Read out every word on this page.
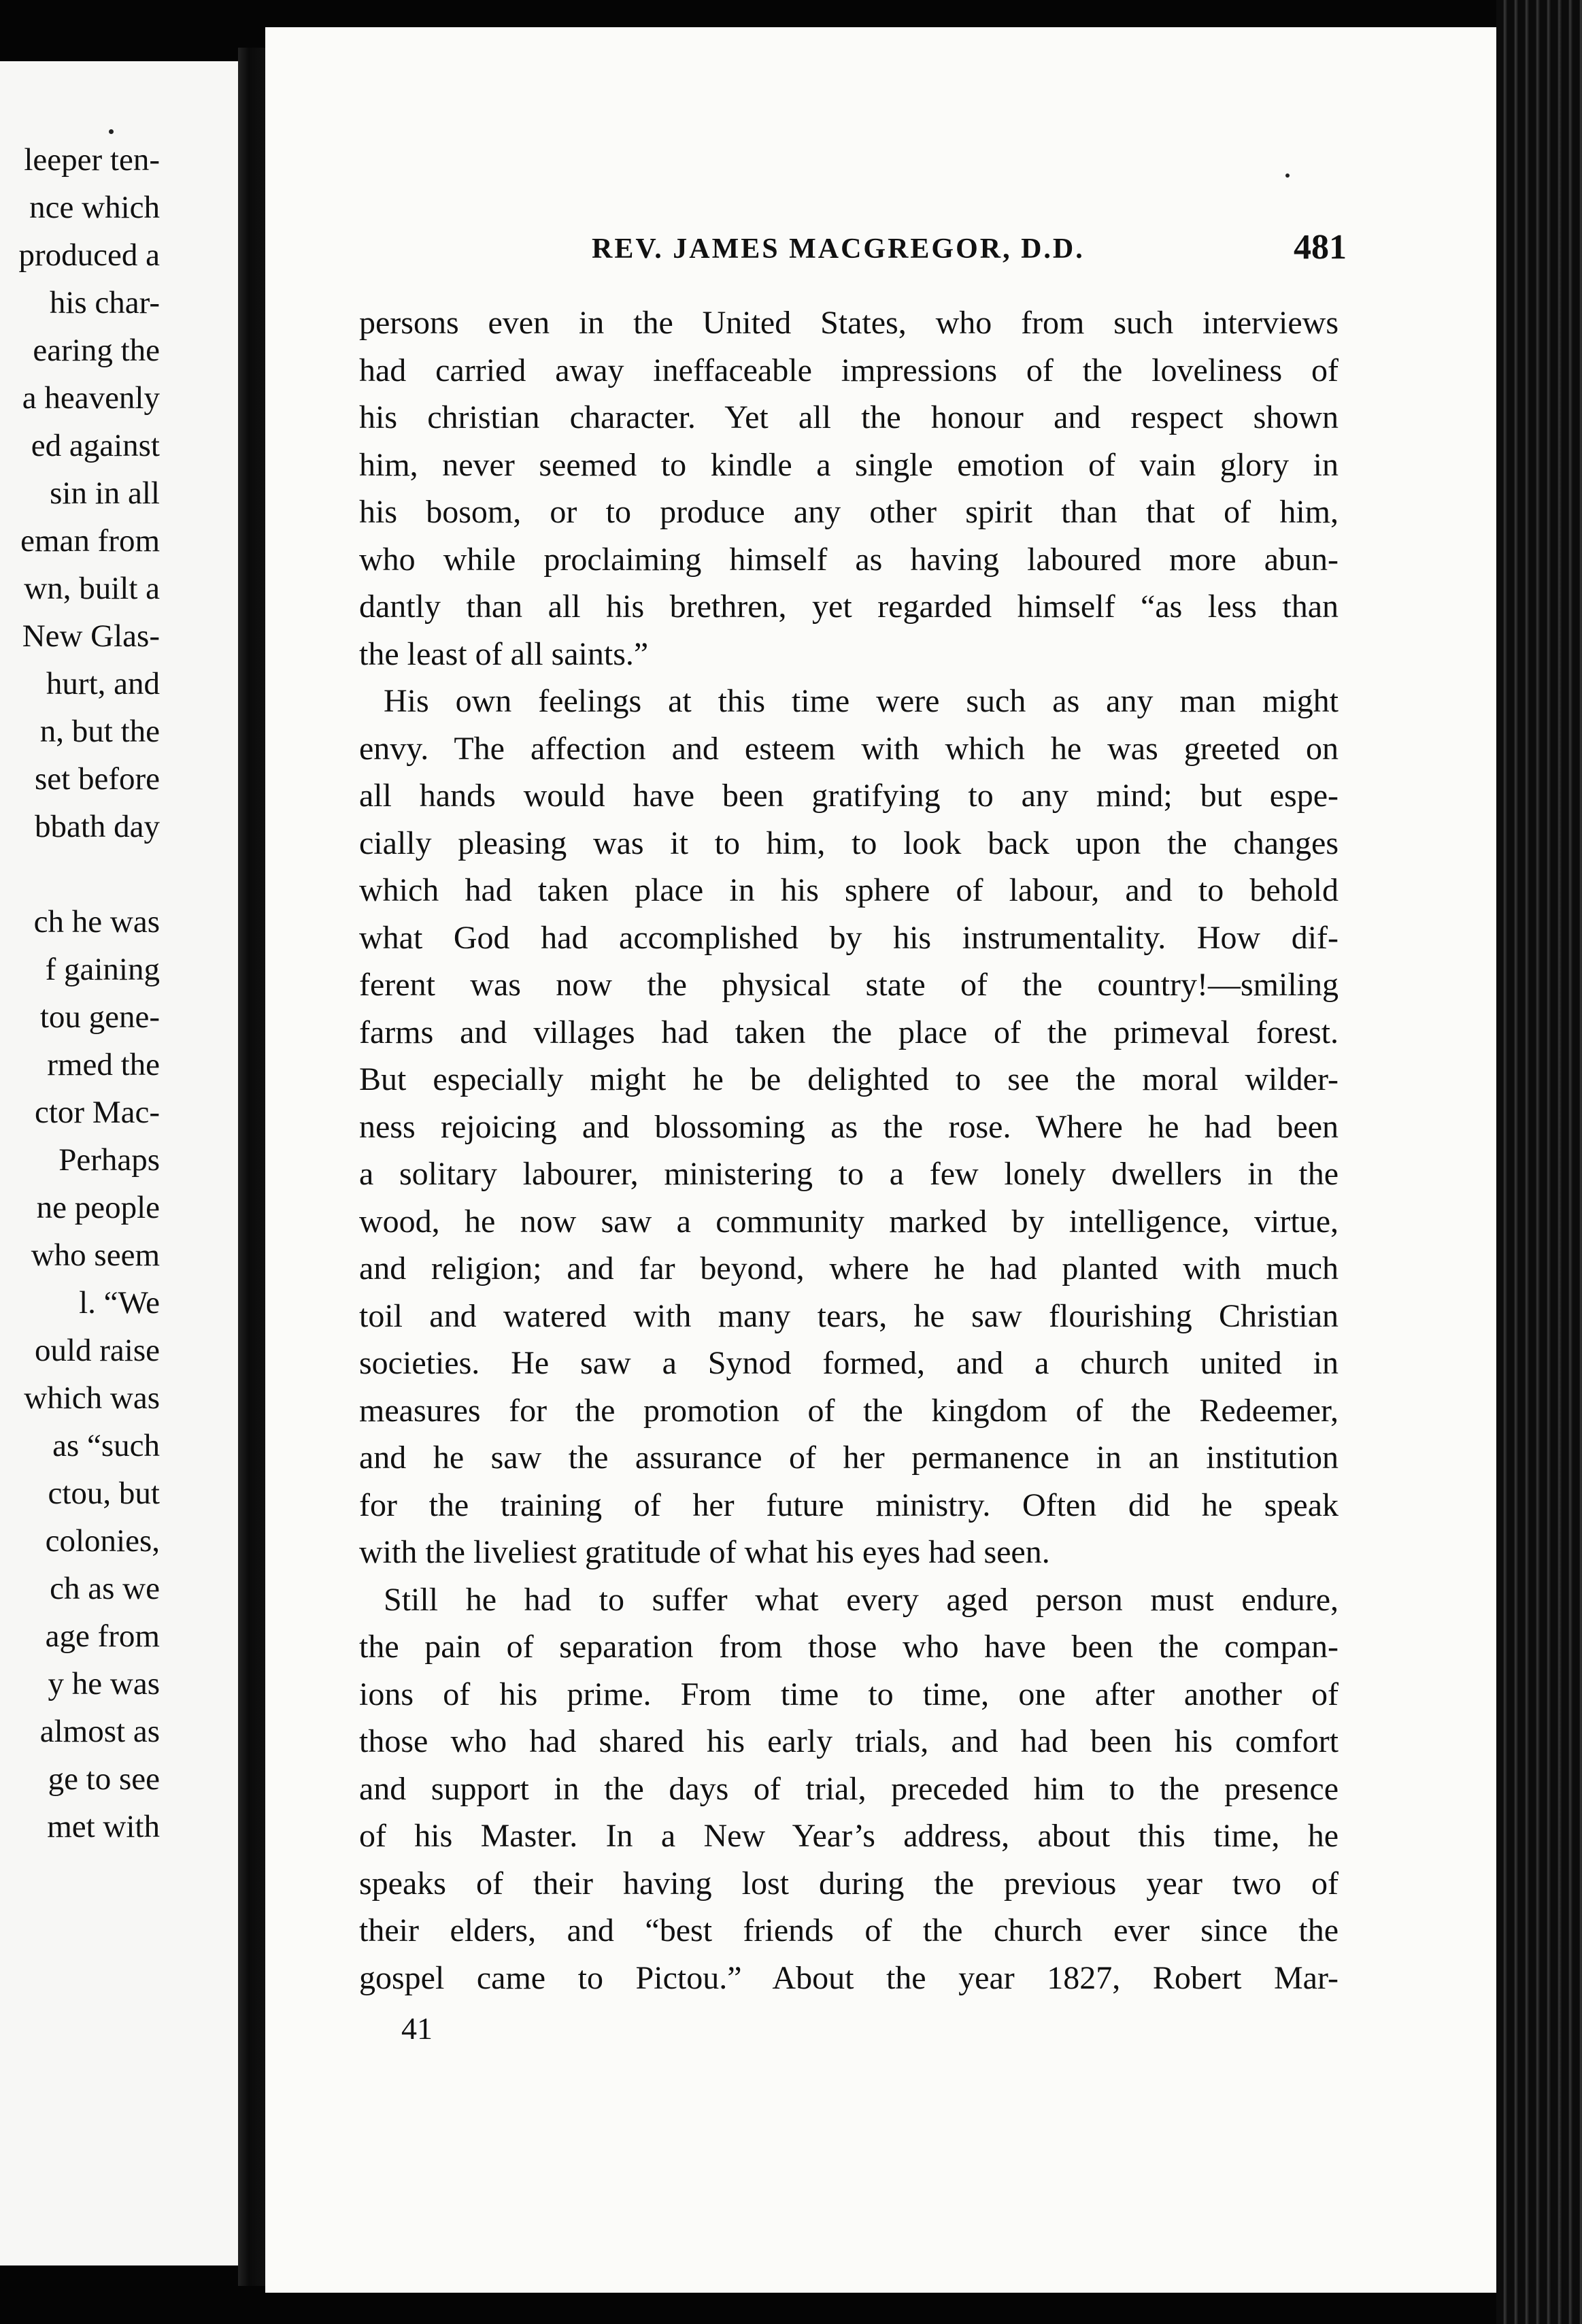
leeper ten-
nce which
produced a
his char-
earing the
a heavenly
ed against
sin in all
eman from
wn, built a
New Glas-
hurt, and
n, but the
set before
bbath day
ch he was
f gaining
tou gene-
rmed the
ctor Mac-
Perhaps
ne people
who seem
l. “We
ould raise
which was
as “such
ctou, but
colonies,
ch as we
age from
y he was
almost as
ge to see
met with
REV. JAMES MACGREGOR, D.D.	481
persons even in the United States, who from such interviews
had carried away ineffaceable impressions of the loveliness of
his christian character. Yet all the honour and respect shown
him, never seemed to kindle a single emotion of vain glory in
his bosom, or to produce any other spirit than that of him,
who while proclaiming himself as having laboured more abun-
dantly than all his brethren, yet regarded himself “as less than
the least of all saints.”
His own feelings at this time were such as any man might
envy. The affection and esteem with which he was greeted on
all hands would have been gratifying to any mind; but espe-
cially pleasing was it to him, to look back upon the changes
which had taken place in his sphere of labour, and to behold
what God had accomplished by his instrumentality. How dif-
ferent was now the physical state of the country!—smiling
farms and villages had taken the place of the primeval forest.
But especially might he be delighted to see the moral wilder-
ness rejoicing and blossoming as the rose. Where he had been
a solitary labourer, ministering to a few lonely dwellers in the
wood, he now saw a community marked by intelligence, virtue,
and religion; and far beyond, where he had planted with much
toil and watered with many tears, he saw flourishing Christian
societies. He saw a Synod formed, and a church united in
measures for the promotion of the kingdom of the Redeemer,
and he saw the assurance of her permanence in an institution
for the training of her future ministry. Often did he speak
with the liveliest gratitude of what his eyes had seen.
Still he had to suffer what every aged person must endure,
the pain of separation from those who have been the compan-
ions of his prime. From time to time, one after another of
those who had shared his early trials, and had been his comfort
and support in the days of trial, preceded him to the presence
of his Master. In a New Year’s address, about this time, he
speaks of their having lost during the previous year two of
their elders, and “best friends of the church ever since the
gospel came to Pictou.” About the year 1827, Robert Mar-
41
